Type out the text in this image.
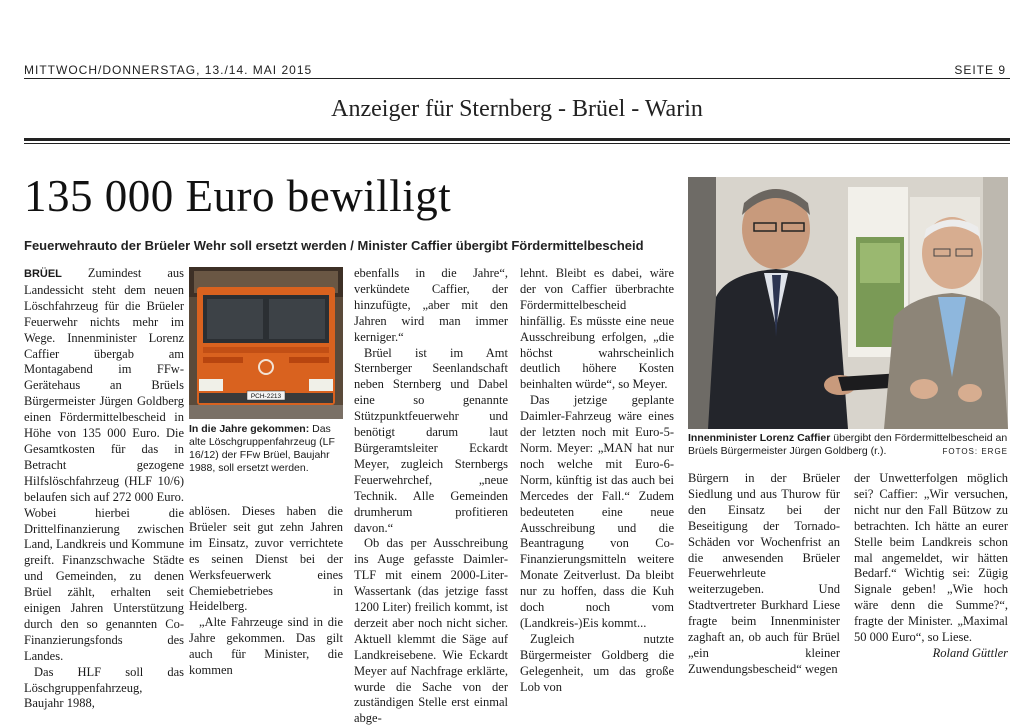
MITTWOCH/DONNERSTAG, 13./14. MAI 2015	SEITE 9
Anzeiger für Sternberg - Brüel - Warin
135 000 Euro bewilligt
Feuerwehrauto der Brüeler Wehr soll ersetzt werden / Minister Caffier übergibt Fördermittelbescheid

BRÜEL Zumindest aus Landessicht steht dem neuen Löschfahrzeug für die Brüeler Feuerwehr nichts mehr im Wege. Innenminister Lorenz Caffier übergab am Montagabend im FFw-Gerätehaus an Brüels Bürgermeister Jürgen Goldberg einen Fördermittelbescheid in Höhe von 135 000 Euro. Die Gesamtkosten für das in Betracht gezogene Hilfslöschfahrzeug (HLF 10/6) belaufen sich auf 272 000 Euro. Wobei hierbei die Drittelfinanzierung zwischen Land, Landkreis und Kommune greift. Finanzschwache Städte und Gemeinden, zu denen Brüel zählt, erhalten seit einigen Jahren Unterstützung durch den so genannten Co-Finanzierungsfonds des Landes.

Das HLF soll das Löschgruppenfahrzeug, Baujahr 1988,

PCH-2213
In die Jahre gekommen: Das alte Löschgruppenfahrzeug (LF 16/12) der FFw Brüel, Baujahr 1988, soll ersetzt werden.

ablösen. Dieses haben die Brüeler seit gut zehn Jahren im Einsatz, zuvor verrichtete es seinen Dienst bei der Werksfeuerwerk eines Chemiebetriebes in Heidelberg.

„Alte Fahrzeuge sind in die Jahre gekommen. Das gilt auch für Minister, die kommen

ebenfalls in die Jahre“, verkündete Caffier, der hinzufügte, „aber mit den Jahren wird man immer kerniger.“

Brüel ist im Amt Sternberger Seenlandschaft neben Sternberg und Dabel eine so genannte Stützpunktfeuerwehr und benötigt darum laut Bürgeramtsleiter Eckardt Meyer, zugleich Sternbergs Feuerwehrchef, „neue Technik. Alle Gemeinden drumherum profitieren davon.“

Ob das per Ausschreibung ins Auge gefasste Daimler-TLF mit einem 2000-Liter-Wassertank (das jetzige fasst 1200 Liter) freilich kommt, ist derzeit aber noch nicht sicher. Aktuell klemmt die Säge auf Landkreisebene. Wie Eckardt Meyer auf Nachfrage erklärte, wurde die Sache von der zuständigen Stelle erst einmal abge-

lehnt. Bleibt es dabei, wäre der von Caffier überbrachte Fördermittelbescheid hinfällig. Es müsste eine neue Ausschreibung erfolgen, „die höchst wahrscheinlich deutlich höhere Kosten beinhalten würde“, so Meyer.

Das jetzige geplante Daimler-Fahrzeug wäre eines der letzten noch mit Euro-5-Norm. Meyer: „MAN hat nur noch welche mit Euro-6-Norm, künftig ist das auch bei Mercedes der Fall.“ Zudem bedeuteten eine neue Ausschreibung und die Beantragung von Co-Finanzierungsmitteln weitere Monate Zeitverlust. Da bleibt nur zu hoffen, dass die Kuh doch noch vom (Landkreis-)Eis kommt...

Zugleich nutzte Bürgermeister Goldberg die Gelegenheit, um das große Lob von

Innenminister Lorenz Caffier übergibt den Fördermittelbescheid an Brüels Bürgermeister Jürgen Goldberg (r.).	FOTOS: ERGE

Bürgern in der Brüeler Siedlung und aus Thurow für den Einsatz bei der Beseitigung der Tornado-Schäden vor Wochenfrist an die anwesenden Brüeler Feuerwehrleute weiterzugeben. Und Stadtvertreter Burkhard Liese fragte beim Innenminister zaghaft an, ob auch für Brüel „ein kleiner Zuwendungsbescheid“ wegen

der Unwetterfolgen möglich sei? Caffier: „Wir versuchen, nicht nur den Fall Bützow zu betrachten. Ich hätte an eurer Stelle beim Landkreis schon mal angemeldet, wir hätten Bedarf.“ Wichtig sei: Zügig Signale geben! „Wie hoch wäre denn die Summe?“, fragte der Minister. „Maximal 50 000 Euro“, so Liese.
Roland Güttler
